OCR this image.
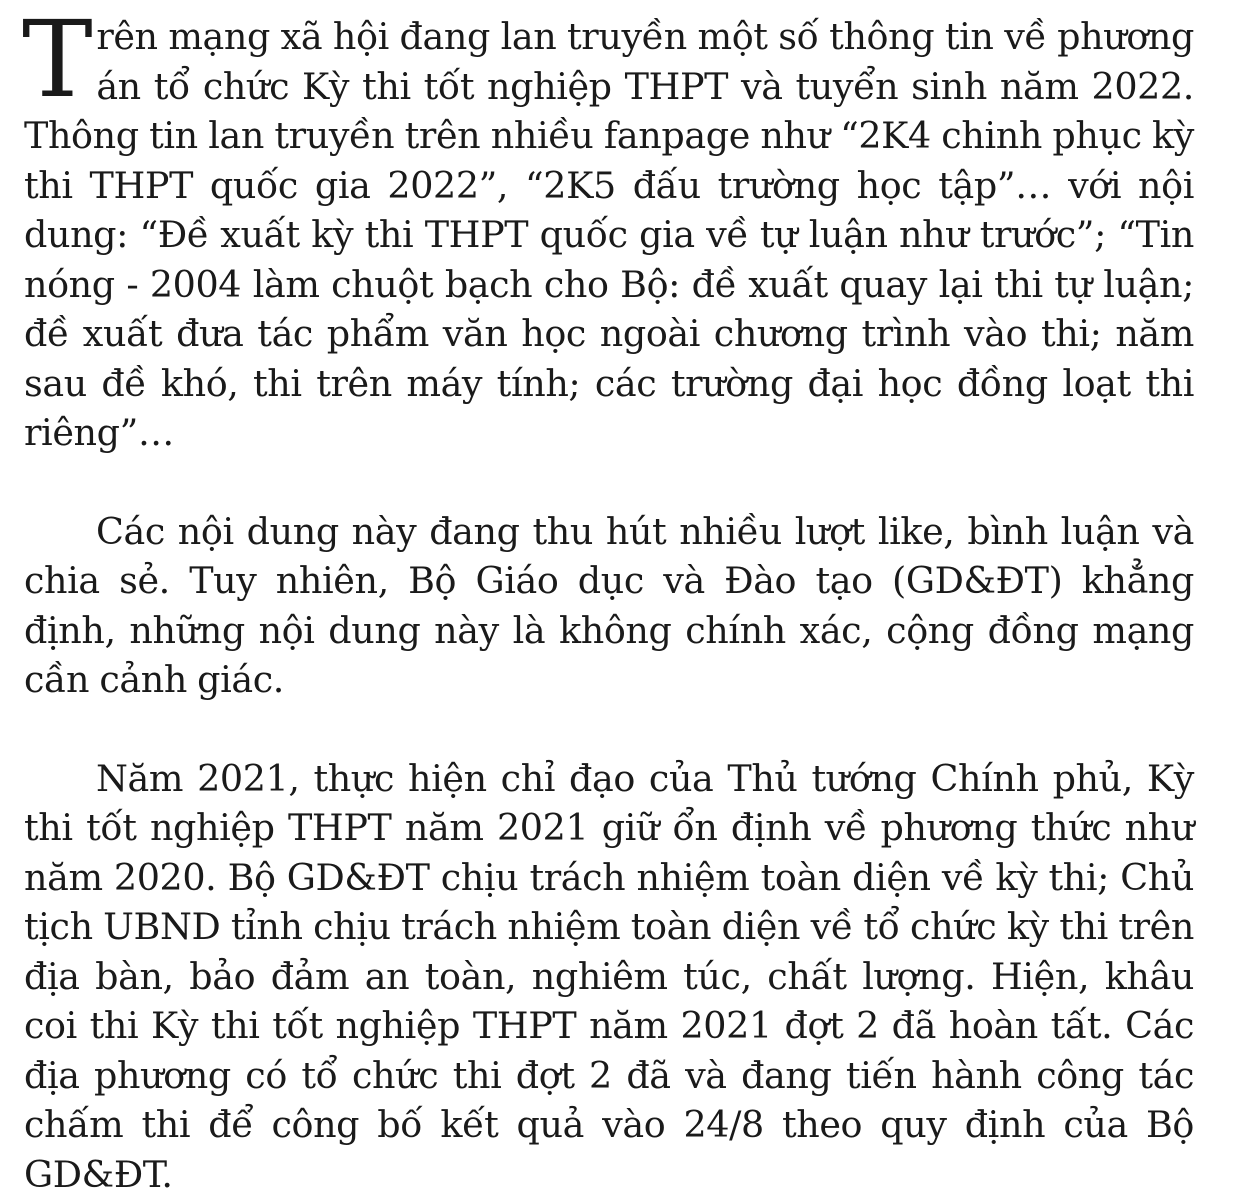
Trên mạng xã hội đang lan truyền một số thông tin về phương án tổ chức Kỳ thi tốt nghiệp THPT và tuyển sinh năm 2022. Thông tin lan truyền trên nhiều fanpage như “2K4 chinh phục kỳ thi THPT quốc gia 2022”, “2K5 đấu trường học tập”… với nội dung: “Đề xuất kỳ thi THPT quốc gia về tự luận như trước”; “Tin nóng - 2004 làm chuột bạch cho Bộ: đề xuất quay lại thi tự luận; đề xuất đưa tác phẩm văn học ngoài chương trình vào thi; năm sau đề khó, thi trên máy tính; các trường đại học đồng loạt thi riêng”…

Các nội dung này đang thu hút nhiều lượt like, bình luận và chia sẻ. Tuy nhiên, Bộ Giáo dục và Đào tạo (GD&ĐT) khẳng định, những nội dung này là không chính xác, cộng đồng mạng cần cảnh giác.

Năm 2021, thực hiện chỉ đạo của Thủ tướng Chính phủ, Kỳ thi tốt nghiệp THPT năm 2021 giữ ổn định về phương thức như năm 2020. Bộ GD&ĐT chịu trách nhiệm toàn diện về kỳ thi; Chủ tịch UBND tỉnh chịu trách nhiệm toàn diện về tổ chức kỳ thi trên địa bàn, bảo đảm an toàn, nghiêm túc, chất lượng. Hiện, khâu coi thi Kỳ thi tốt nghiệp THPT năm 2021 đợt 2 đã hoàn tất. Các địa phương có tổ chức thi đợt 2 đã và đang tiến hành công tác chấm thi để công bố kết quả vào 24/8 theo quy định của Bộ GD&ĐT.
